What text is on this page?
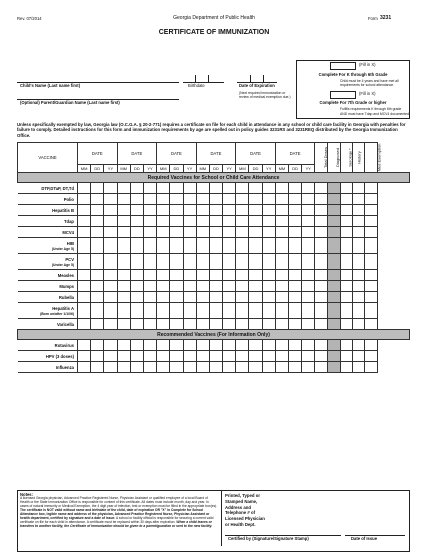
Rev. 07/2014	Georgia Department of Public Health	Form 3231
CERTIFICATE OF IMMUNIZATION
Child's Name (Last name first)	Birthdate	Date of Expiration
(Next required immunization or review of medical exemption due.)
(Optional) Parent/Guardian Name (Last name first)
(Fill in X)
Complete For K through 6th Grade
Child must be 4 years and have met all requirements for school attendance.
(Fill in X)
Complete For 7th Grade or higher
Fulfills requirements K through 6th grade
AND must have Tdap and MCV4 documented
Unless specifically exempted by law, Georgia law (O.C.G.A. § 20-2-771) requires a certificate on file for each child in attendance in any school or child care facility in Georgia with penalties for failure to comply. Detailed instructions for this form and immunization requirements by age are spelled out in policy guides 3231RS and 3231REQ distributed by the Georgia Immunization Office.
VACCINE	DATE			DATE			DATE			DATE			DATE			DATE			Total Doses	Diagnosed	Serology *	History	Med Exemption
	MM	DD	YY	MM	DD	YY	MM	DD	YY	MM	DD	YY	MM	DD	YY	MM	DD	YY					
Required Vaccines for School or Child Care Attendance																							
DTP,DTaP, DT,Td																							
Polio																							
Hepatitis B																							
Tdap																							
MCV4																							
HIB
(Under Age 5)																							

PCV
(Under Age 5)																							

Measles																							
Mumps																							
Rubella																							
Hepatitis A
(Born on/after 1/1/06)																							

Varicella																							
Recommended Vaccines (For Information Only)																							
Rotavirus																							
HPV (3 doses)																							
Influenza																							
Notes:
A licensed Georgia physician, Advanced Practice Registered Nurse, Physician Assistant or qualified employee of a local Board of Health or the State Immunization Office is responsible for content of this certificate. All dates must include month, day and year. In cases of natural immunity or Medical Exemption, the 4 digit year of infection, test or exemption must be filled in the appropriate box(es). The certificate is NOT valid without name and birthdate of the child, date of expiration OR "X" in Complete for School Attendance box, legible name and address of the physician, Advanced Practice Registered Nurse, Physician Assistant or health department, certified by signature and a date of issue. A school or facility official is responsible for securing a current valid certificate on file for each child in attendance. A certificate must be replaced within 30 days after expiration. When a child leaves or transfers to another facility, the Certificate of Immunization should be given to a parent/guardian or sent to the new facility.
Printed, Typed or Stamped Name, Address and Telephone # of Licensed Physician or Health Dept.
Certified by (Signature/Signature Stamp)	Date of Issue
